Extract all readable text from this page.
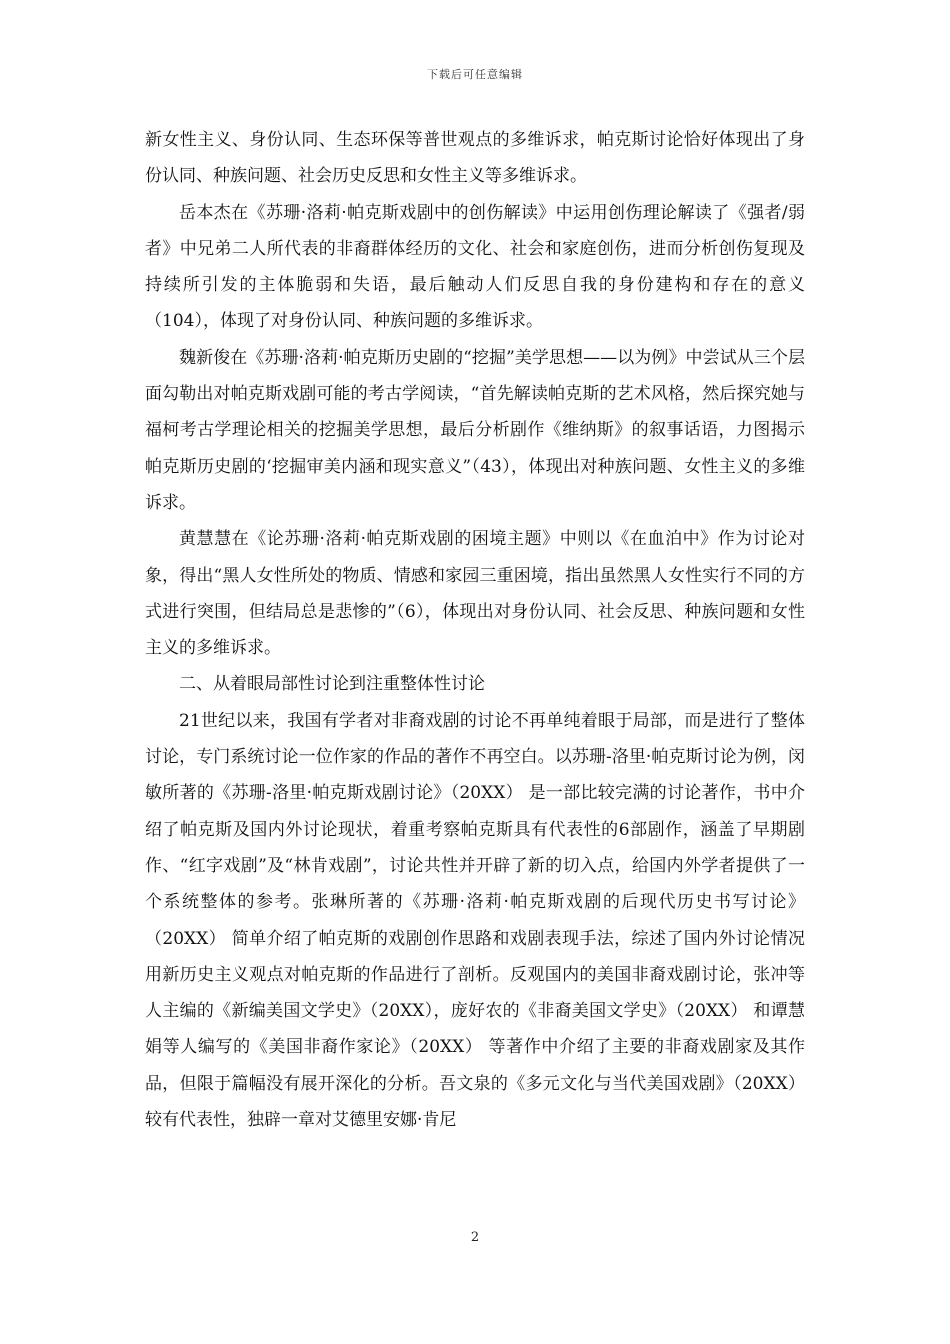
下载后可任意编辑

新女性主义、身份认同、生态环保等普世观点的多维诉求，帕克斯讨论恰好体现出了身份认同、种族问题、社会历史反思和女性主义等多维诉求。

岳本杰在《苏珊·洛莉·帕克斯戏剧中的创伤解读》中运用创伤理论解读了《强者/弱者》中兄弟二人所代表的非裔群体经历的文化、社会和家庭创伤，进而分析创伤复现及持续所引发的主体脆弱和失语，最后触动人们反思自我的身份建构和存在的意义（104），体现了对身份认同、种族问题的多维诉求。

魏新俊在《苏珊·洛莉·帕克斯历史剧的“挖掘”美学思想——以为例》中尝试从三个层面勾勒出对帕克斯戏剧可能的考古学阅读，“首先解读帕克斯的艺术风格，然后探究她与福柯考古学理论相关的挖掘美学思想，最后分析剧作《维纳斯》的叙事话语，力图揭示帕克斯历史剧的‘挖掘审美内涵和现实意义”（43），体现出对种族问题、女性主义的多维诉求。

黄慧慧在《论苏珊·洛莉·帕克斯戏剧的困境主题》中则以《在血泊中》作为讨论对象，得出“黑人女性所处的物质、情感和家园三重困境，指出虽然黑人女性实行不同的方式进行突围，但结局总是悲惨的”（6），体现出对身份认同、社会反思、种族问题和女性主义的多维诉求。

二、从着眼局部性讨论到注重整体性讨论

21世纪以来，我国有学者对非裔戏剧的讨论不再单纯着眼于局部，而是进行了整体讨论，专门系统讨论一位作家的作品的著作不再空白。以苏珊-洛里·帕克斯讨论为例，闵敏所著的《苏珊-洛里·帕克斯戏剧讨论》（20XX） 是一部比较完满的讨论著作，书中介绍了帕克斯及国内外讨论现状，着重考察帕克斯具有代表性的6部剧作，涵盖了早期剧作、“红字戏剧”及“林肯戏剧”，讨论共性并开辟了新的切入点，给国内外学者提供了一个系统整体的参考。张琳所著的《苏珊·洛莉·帕克斯戏剧的后现代历史书写讨论》（20XX） 简单介绍了帕克斯的戏剧创作思路和戏剧表现手法，综述了国内外讨论情况用新历史主义观点对帕克斯的作品进行了剖析。反观国内的美国非裔戏剧讨论，张冲等人主编的《新编美国文学史》（20XX），庞好农的《非裔美国文学史》（20XX） 和谭慧娟等人编写的《美国非裔作家论》（20XX） 等著作中介绍了主要的非裔戏剧家及其作品，但限于篇幅没有展开深化的分析。吾文泉的《多元文化与当代美国戏剧》（20XX）较有代表性，独辟一章对艾德里安娜·肯尼

2
